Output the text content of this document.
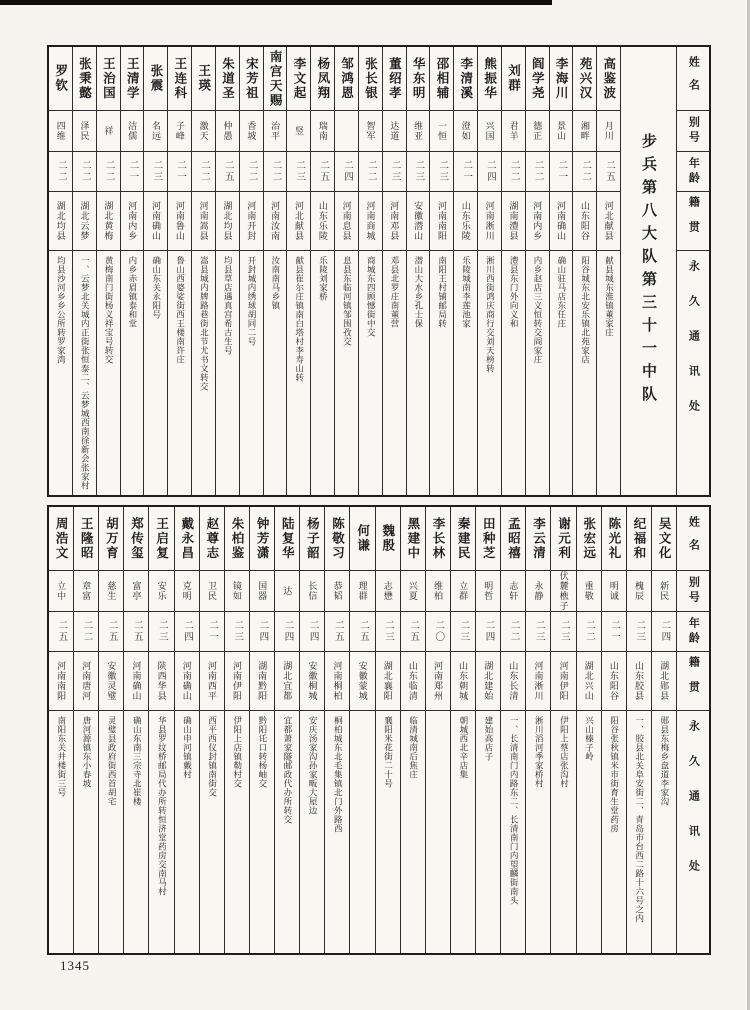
姓名
别号
年龄
籍贯
永久通讯处
步兵第八大队第三十一中队
高鉴波
月川
二五
河北献县
献县城东淮镇董家庄
苑兴汉
湘畔
二二
山东阳谷
阳谷城东北安乐镇北苑家店
李海川
景山
二一
河南确山
确山驻马店东任庄
阎学尧
德正
二二
河南内乡
内乡赵店三义恒转交阎家庄
刘群
君羊
二二
湖南澧县
澧县东门外向义和
熊振华
兴国
二四
河南淅川
淅川西街鸿庆商行交刘天榜转
李清溪
澄如
二一
山东乐陵
乐陵城南李莲池家
邵相辅
一恒
二三
河南南阳
南阳王村铺邮局转
华东明
维亚
二三
安徽潜山
潜山大水乡孔士保
董绍孝
达道
二三
河南邓县
邓县北罗庄南董营
张长银
智军
二二
河南商城
商城东四顾憾街中交
邹鸿恩
二四
河南息县
息县东临河镇邹围孜交
杨凤翔
瑞南
二五
山东乐陵
乐陵刘家桥
李文起
竖
二三
河北献县
献县崔尔庄镇南白塔村李寿山转
南宫天赐
治平
二二
河南汝南
汝南南马乡镇
宋芳祖
香坡
二二
河南开封
开封城内绣球胡同二号
朱道圣
仲愚
二五
湖北均县
均县草店遇真宫希古生号
王瑛
激天
二二
河南嵩县
嵩县城内牌路巷街北节尤书文转交
王连科
子峰
二一
河南鲁山
鲁山西婆娑街西王楼南许庄
张震
名远
二三
河南确山
确山东关永阳号
王清学
洁儒
二一
河南内乡
内乡赤眉镇泰和堂
王治国
祥
二二
湖北黄梅
黄梅南门街杨义祥宝号转交
张秉懿
泽民
二二
湖北云梦
一、云梦北关城内正街张恒泰二、云梦城西南徐新会张家村
罗钦
四维
二二
湖北均县
均县沙河乡乡公所转罗家湾
姓名
别号
年龄
籍贯
永久通讯处
吴文化
新民
二四
湖北郧县
郧县东梅乡盘道李家沟
纪福和
槐辰
二三
山东胶县
一、胶县北关阜安街二、青岛市台西二路十六号之内
陈光礼
明诚
二一
山东阳谷
阳谷张秋镇米市街育生堂药房
张宏远
重敬
二二
湖北兴山
兴山榛子岭
谢元利
伏麓樵子
二三
河南伊阳
伊阳上蔡店张沟村
李云清
永静
二三
河南淅川
淅川滔河季家桥村
孟昭禧
志轩
二二
山东长清
一、长清南门内路东二、长清南门内望麟街南头
田种芝
明哲
二四
湖北建始
建始高店子
秦建民
立群
二三
山东朝城
朝城西北辛店集
李长林
维柏
二〇
河南郑州
黑建中
兴夏
二五
山东临清
临清城南后焦庄
魏殷
志懋
二三
湖北襄阳
襄阳米花街二十号
何谦
理群
二五
安徽蒙城
陈敬习
恭韬
二五
河南桐柏
桐柏城东北毛集镇北门外路西
杨子韶
长信
二四
安徽桐城
安庆汤家沟孙家畈大屋边
陆复华
达
二四
湖北宜都
宜都萧家隧邮政代办所转交
钟芳潇
国器
二四
湖南黔阳
黔阳讬口转杨岫交
朱柏鉴
镜如
二三
河南伊阳
伊阳上店镇勒村交
赵尊志
卫民
二一
河南西平
西平西仪封镇南街交
戴永昌
克明
二四
河南确山
确山申河镇戴村
王启复
安乐
二三
陕西华县
华县罗纹桥邮局代办所转恒济堂药房交南马村
郑传玺
富亭
二五
河南确山
确山东南三宗寺北崔楼
胡万育
慈生
二五
安徽灵璧
灵璧县政府街西首胡宅
王隆昭
章富
二二
河南唐河
唐河源镇东小春坡
周浩文
立中
二五
河南南阳
南阳东关井楼街三号
1345
